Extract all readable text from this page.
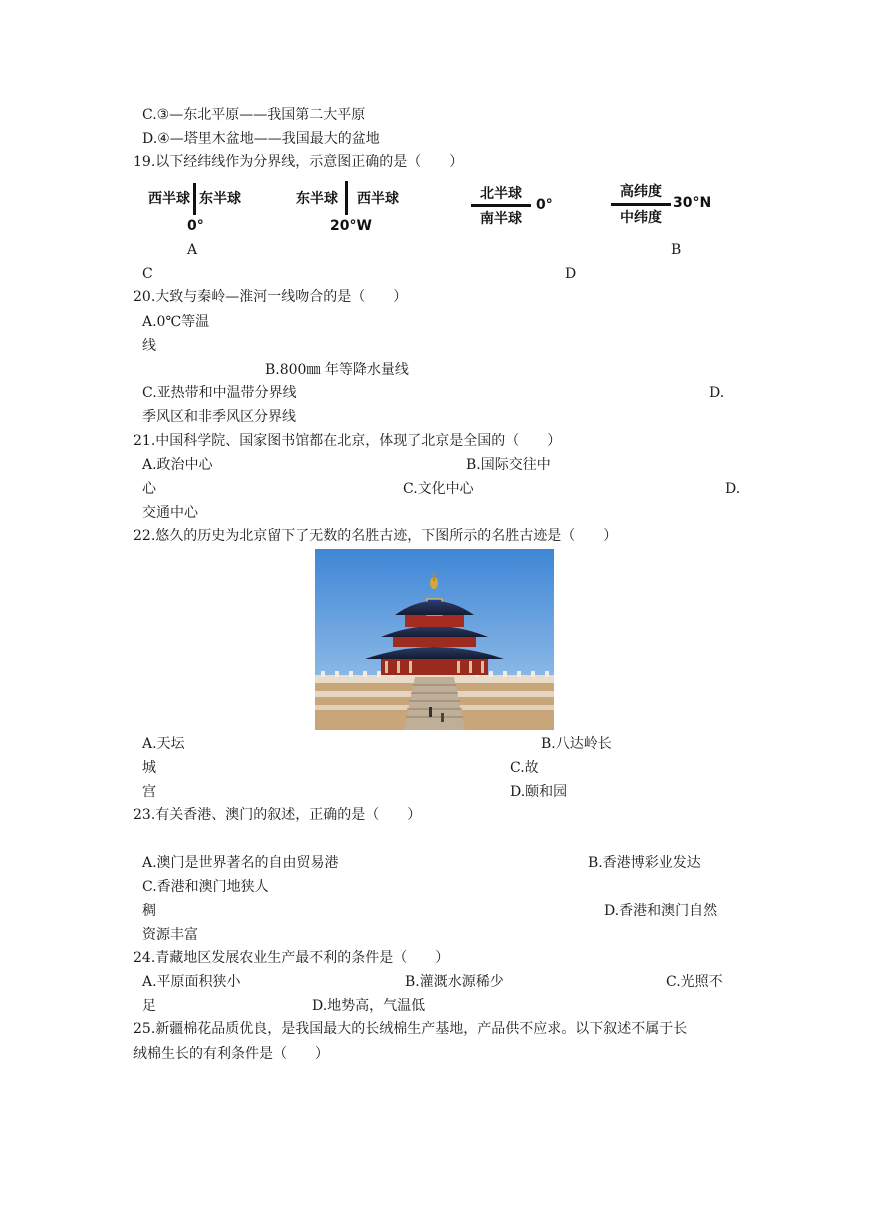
C.③—东北平原——我国第二大平原
D.④—塔里木盆地——我国最大的盆地
19.以下经纬线作为分界线，示意图正确的是（　　）
西半球 东半球
0°
东半球 西半球
20°W
北半球
南半球
0°
高纬度
中纬度
30°N
A	B
C	D
20.大致与秦岭—淮河一线吻合的是（　　）
A.0℃等温
线
B.800㎜ 年等降水量线
C.亚热带和中温带分界线	D.
季风区和非季风区分界线
21.中国科学院、国家图书馆都在北京，体现了北京是全国的（　　）
A.政治中心	B.国际交往中
心	C.文化中心	D.
交通中心
22.悠久的历史为北京留下了无数的名胜古迹，下图所示的名胜古迹是（　　）
A.天坛	B.八达岭长
城	C.故
宫	D.颐和园
23.有关香港、澳门的叙述，正确的是（　　）
A.澳门是世界著名的自由贸易港	B.香港博彩业发达
C.香港和澳门地狭人
稠	D.香港和澳门自然
资源丰富
24.青藏地区发展农业生产最不利的条件是（　　）
A.平原面积狭小	B.灌溉水源稀少	C.光照不
足	D.地势高，气温低
25.新疆棉花品质优良，是我国最大的长绒棉生产基地，产品供不应求。以下叙述不属于长
绒棉生长的有利条件是（　　）
